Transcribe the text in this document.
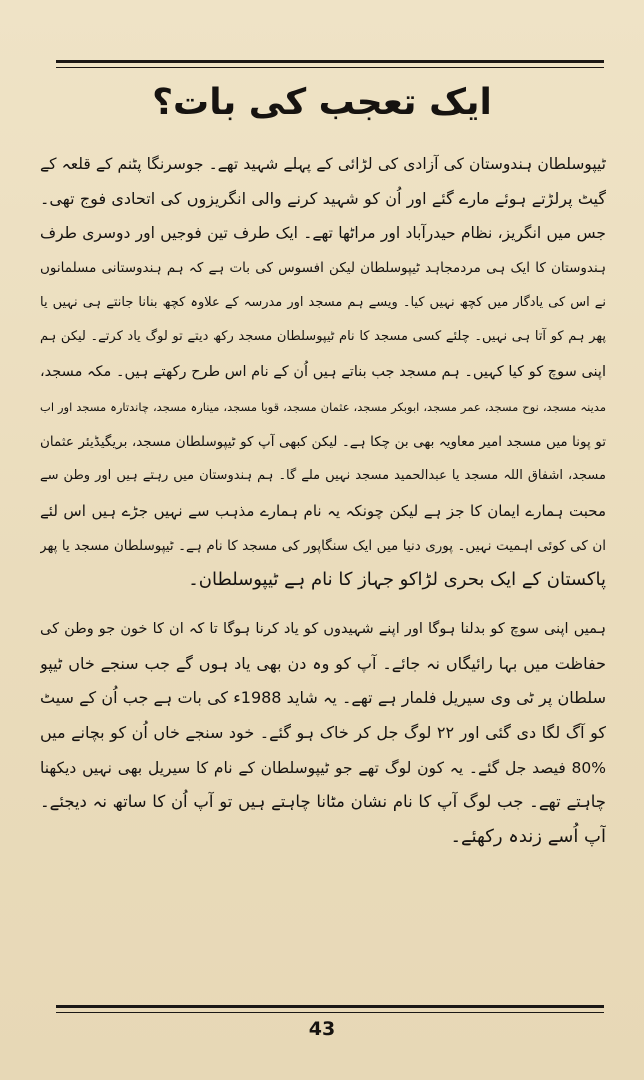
ایک تعجب کی بات؟
ٹیپوسلطان ہندوستان کی آزادی کی لڑائی کے پہلے شہید تھے۔ جوسرنگا پٹنم کے قلعہ کے
گیٹ پرلڑتے ہوئے مارے گئے اور اُن کو شہید کرنے والی انگریزوں کی اتحادی فوج تھی۔
جس میں انگریز، نظام حیدرآباد اور مراٹھا تھے۔ ایک طرف تین فوجیں اور دوسری طرف
ہندوستان کا ایک ہی مردمجاہد ٹیپوسلطان لیکن افسوس کی بات ہے کہ ہم ہندوستانی مسلمانوں
نے اس کی یادگار میں کچھ نہیں کیا۔ ویسے ہم مسجد اور مدرسہ کے علاوہ کچھ بنانا جانتے ہی نہیں یا
پھر ہم کو آتا ہی نہیں۔ چلئے کسی مسجد کا نام ٹیپوسلطان مسجد رکھ دیتے تو لوگ یاد کرتے۔ لیکن ہم
اپنی سوچ کو کیا کہیں۔ ہم مسجد جب بناتے ہیں اُن کے نام اس طرح رکھتے ہیں۔ مکہ مسجد،
مدینہ مسجد، نوح مسجد، عمر مسجد، ابوبکر مسجد، عثمان مسجد، قوبا مسجد، مینارہ مسجد، چاندتارہ مسجد اور اب
تو پونا میں مسجد امیر معاویہ بھی بن چکا ہے۔ لیکن کبھی آپ کو ٹیپوسلطان مسجد، بریگیڈیئر عثمان
مسجد، اشفاق اللہ مسجد یا عبدالحمید مسجد نہیں ملے گا۔ ہم ہندوستان میں رہتے ہیں اور وطن سے
محبت ہمارے ایمان کا جز ہے لیکن چونکہ یہ نام ہمارے مذہب سے نہیں جڑے ہیں اس لئے
ان کی کوئی اہمیت نہیں۔ پوری دنیا میں ایک سنگاپور کی مسجد کا نام ہے۔ ٹیپوسلطان مسجد یا پھر
پاکستان کے ایک بحری لڑاکو جہاز کا نام ہے ٹیپوسلطان۔
ہمیں اپنی سوچ کو بدلنا ہوگا اور اپنے شہیدوں کو یاد کرنا ہوگا تا کہ ان کا خون جو وطن کی
حفاظت میں بہا رائیگاں نہ جائے۔ آپ کو وہ دن بھی یاد ہوں گے جب سنجے خاں ٹیپو
سلطان پر ٹی وی سیریل فلمار ہے تھے۔ یہ شاید 1988ء کی بات ہے جب اُن کے سیٹ
کو آگ لگا دی گئی اور ۲۲ لوگ جل کر خاک ہو گئے۔ خود سنجے خاں اُن کو بچانے میں
80% فیصد جل گئے۔ یہ کون لوگ تھے جو ٹیپوسلطان کے نام کا سیریل بھی نہیں دیکھنا
چاہتے تھے۔ جب لوگ آپ کا نام نشان مٹانا چاہتے ہیں تو آپ اُن کا ساتھ نہ دیجئے۔
آپ اُسے زندہ رکھئے۔
43
